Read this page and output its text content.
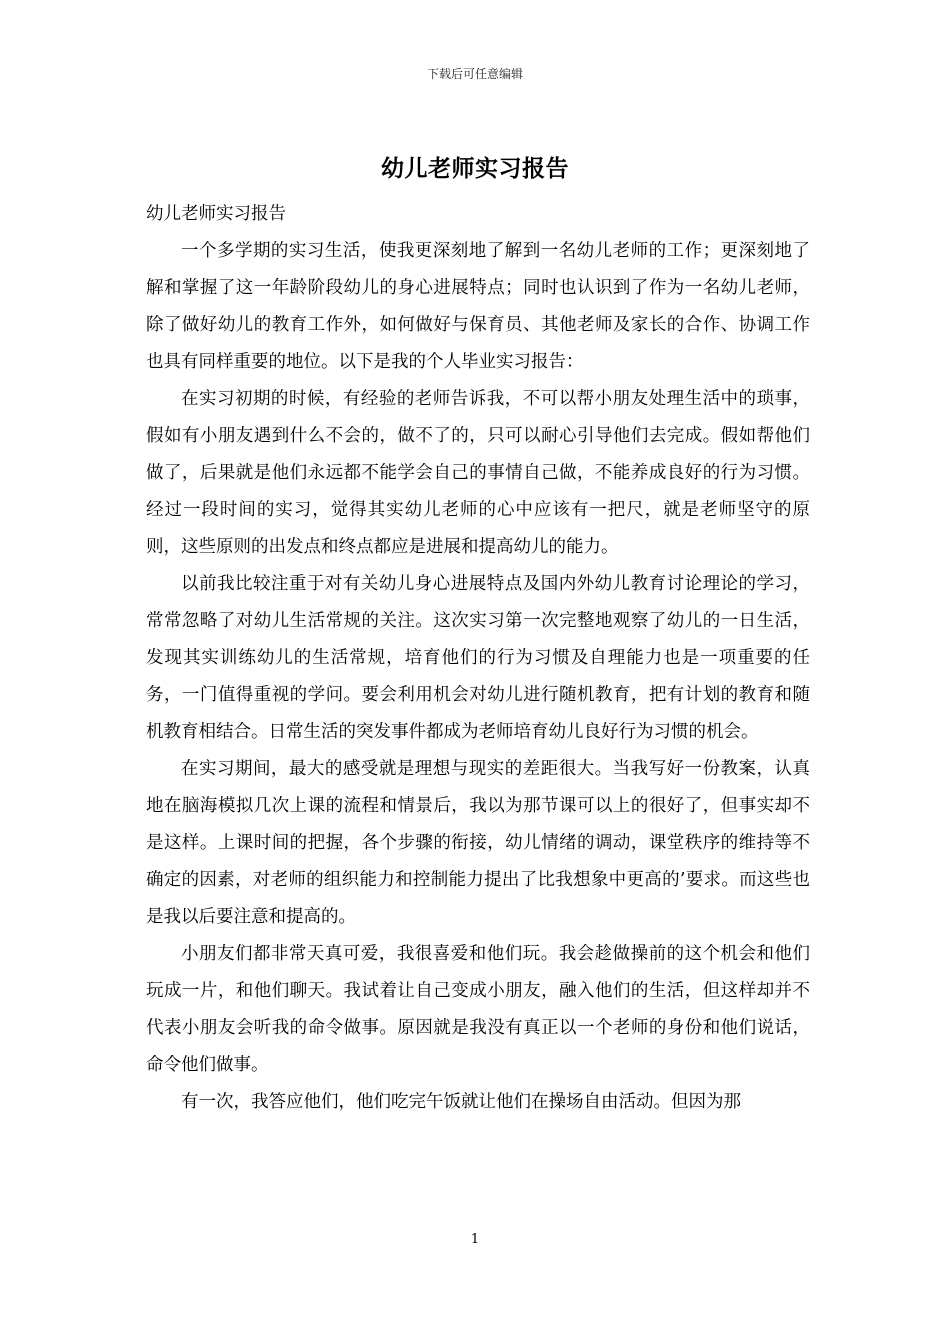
下载后可任意编辑
幼儿老师实习报告

幼儿老师实习报告

一个多学期的实习生活，使我更深刻地了解到一名幼儿老师的工作；更深刻地了解和掌握了这一年龄阶段幼儿的身心进展特点；同时也认识到了作为一名幼儿老师，除了做好幼儿的教育工作外，如何做好与保育员、其他老师及家长的合作、协调工作也具有同样重要的地位。以下是我的个人毕业实习报告：

在实习初期的时候，有经验的老师告诉我，不可以帮小朋友处理生活中的琐事，假如有小朋友遇到什么不会的，做不了的，只可以耐心引导他们去完成。假如帮他们做了，后果就是他们永远都不能学会自己的事情自己做，不能养成良好的行为习惯。经过一段时间的实习，觉得其实幼儿老师的心中应该有一把尺，就是老师坚守的原则，这些原则的出发点和终点都应是进展和提高幼儿的能力。

以前我比较注重于对有关幼儿身心进展特点及国内外幼儿教育讨论理论的学习，常常忽略了对幼儿生活常规的关注。这次实习第一次完整地观察了幼儿的一日生活，发现其实训练幼儿的生活常规，培育他们的行为习惯及自理能力也是一项重要的任务，一门值得重视的学问。要会利用机会对幼儿进行随机教育，把有计划的教育和随机教育相结合。日常生活的突发事件都成为老师培育幼儿良好行为习惯的机会。

在实习期间，最大的感受就是理想与现实的差距很大。当我写好一份教案，认真地在脑海模拟几次上课的流程和情景后，我以为那节课可以上的很好了，但事实却不是这样。上课时间的把握，各个步骤的衔接，幼儿情绪的调动，课堂秩序的维持等不确定的因素，对老师的组织能力和控制能力提出了比我想象中更高的’要求。而这些也是我以后要注意和提高的。

小朋友们都非常天真可爱，我很喜爱和他们玩。我会趁做操前的这个机会和他们玩成一片，和他们聊天。我试着让自己变成小朋友，融入他们的生活，但这样却并不代表小朋友会听我的命令做事。原因就是我没有真正以一个老师的身份和他们说话，命令他们做事。

有一次，我答应他们，他们吃完午饭就让他们在操场自由活动。但因为那

1
